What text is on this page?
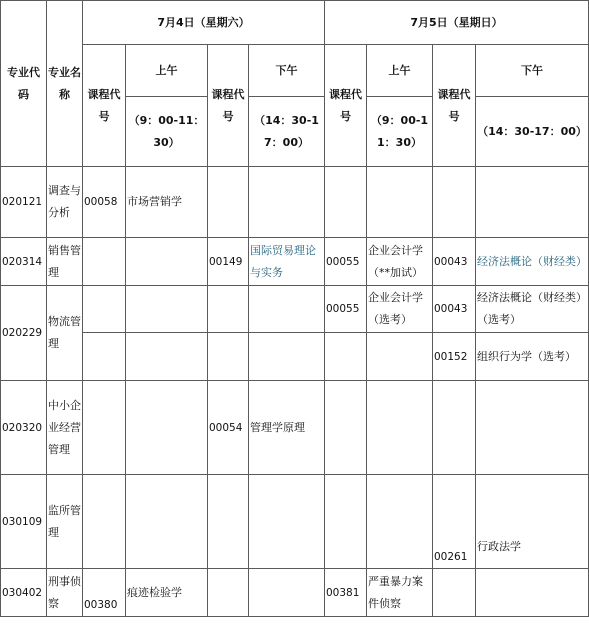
专业代码	专业名称	7月4日（星期六）				7月5日（星期日）			
		课程代号	上午	课程代号	下午	课程代号	上午	课程代号	下午
			（9：00-11：30）		（14：30-17：00）		（9：00-11：30）		（14：30-17：00）
020121	调查与分析	00058	市场营销学						
020314	销售管理			00149	国际贸易理论与实务	00055	企业会计学（**加试）	00043	经济法概论（财经类）
020229	物流管理					00055	企业会计学（选考）	00043	经济法概论（财经类）（选考）
								00152	组织行为学（选考）
020320	中小企业经营管理			00054	管理学原理				
030109	监所管理							00261	行政法学
030402	刑事侦察	00380	痕迹检验学			00381	严重暴力案件侦察		
